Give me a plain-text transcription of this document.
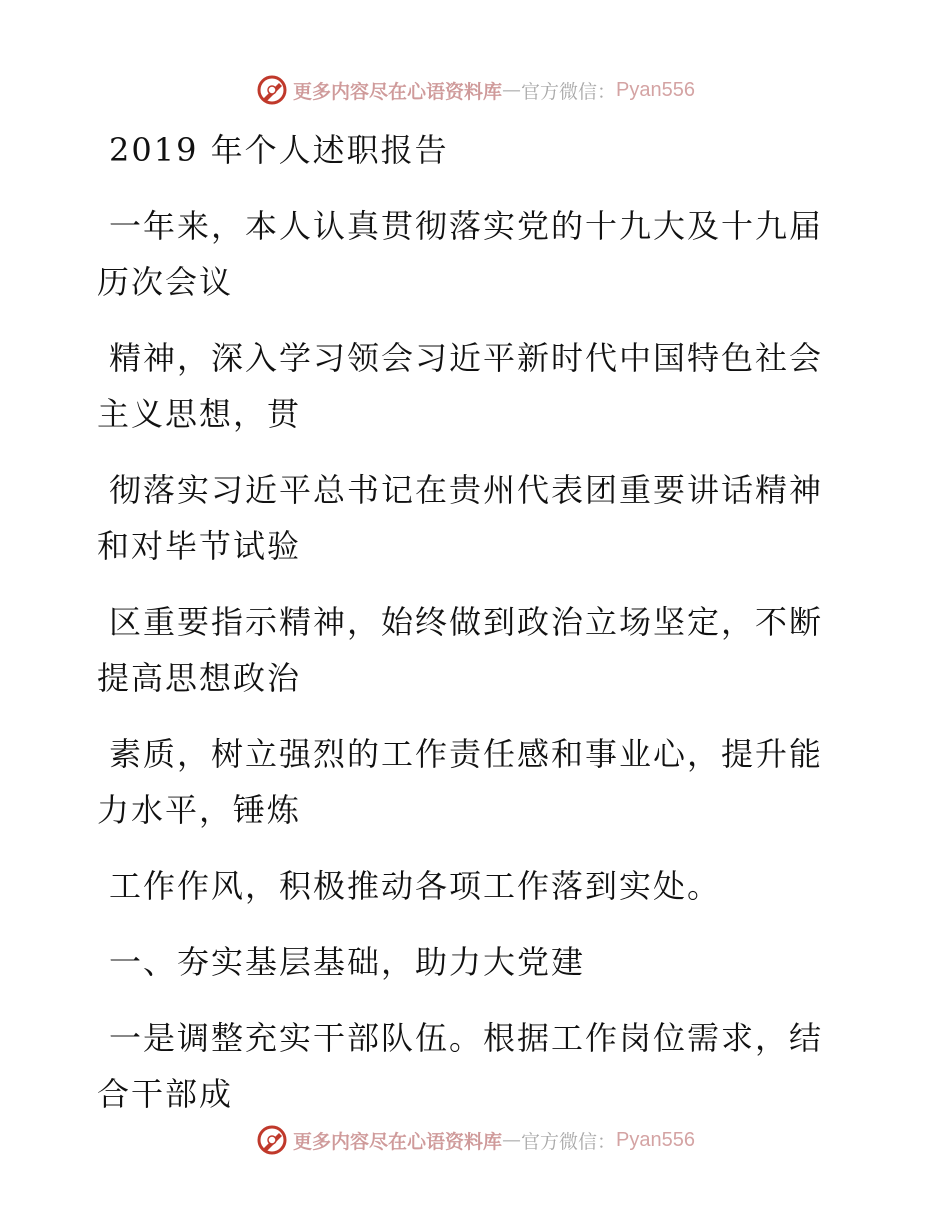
更多内容尽在心语资料库 — 官方微信： Pyan556
2019 年个人述职报告
一年来，本人认真贯彻落实党的十九大及十九届
历次会议
精神，深入学习领会习近平新时代中国特色社会
主义思想，贯
彻落实习近平总书记在贵州代表团重要讲话精神
和对毕节试验
区重要指示精神，始终做到政治立场坚定，不断
提高思想政治
素质，树立强烈的工作责任感和事业心，提升能
力水平，锤炼
工作作风，积极推动各项工作落到实处。
一、夯实基层基础，助力大党建
一是调整充实干部队伍。根据工作岗位需求，结
合干部成
更多内容尽在心语资料库 — 官方微信： Pyan556
